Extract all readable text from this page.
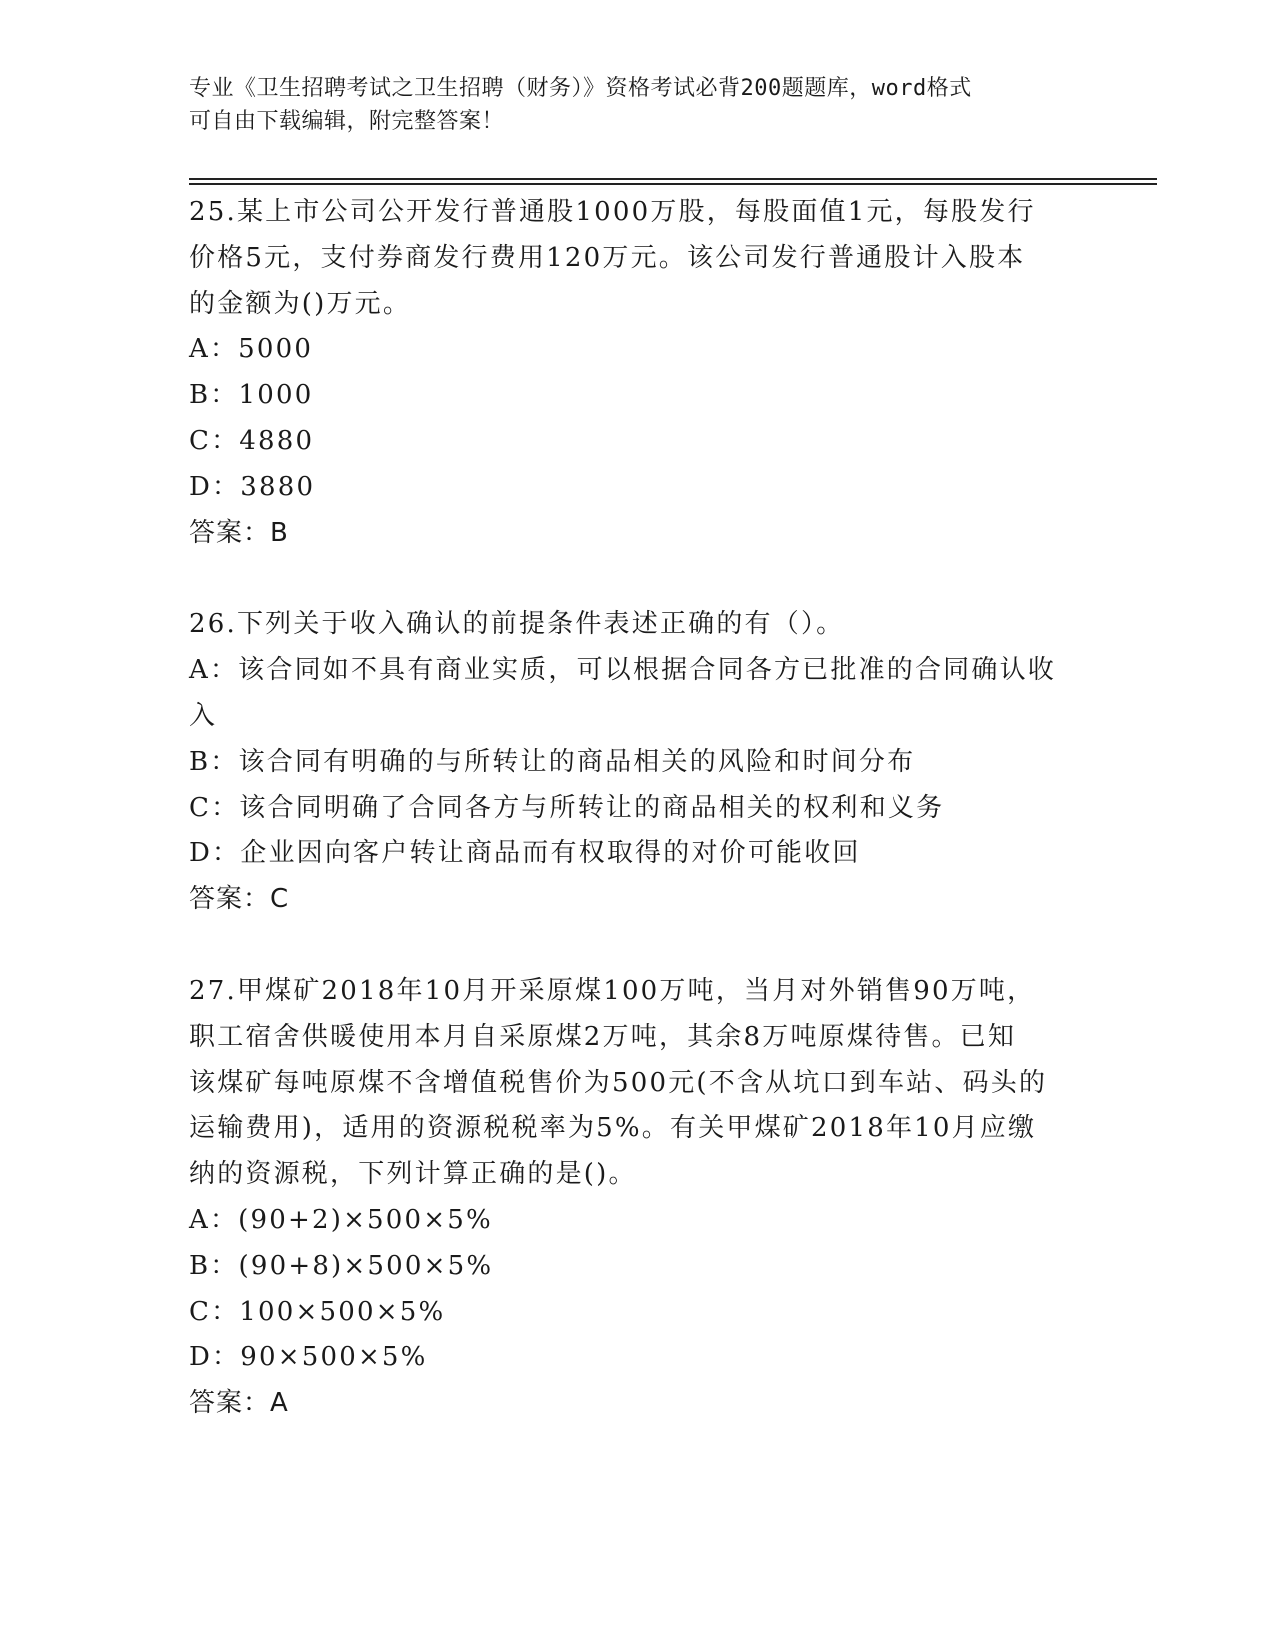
专业《卫生招聘考试之卫生招聘（财务）》资格考试必背200题题库，word格式
可自由下载编辑，附完整答案！
25.某上市公司公开发行普通股1000万股，每股面值1元，每股发行
价格5元，支付券商发行费用120万元。该公司发行普通股计入股本
的金额为()万元。
A：5000
B：1000
C：4880
D：3880
答案：B
26.下列关于收入确认的前提条件表述正确的有（）。
A：该合同如不具有商业实质，可以根据合同各方已批准的合同确认收
入
B：该合同有明确的与所转让的商品相关的风险和时间分布
C：该合同明确了合同各方与所转让的商品相关的权利和义务
D：企业因向客户转让商品而有权取得的对价可能收回
答案：C
27.甲煤矿2018年10月开采原煤100万吨，当月对外销售90万吨，
职工宿舍供暖使用本月自采原煤2万吨，其余8万吨原煤待售。已知
该煤矿每吨原煤不含增值税售价为500元(不含从坑口到车站、码头的
运输费用)，适用的资源税税率为5%。有关甲煤矿2018年10月应缴
纳的资源税，下列计算正确的是()。
A：(90+2)×500×5%
B：(90+8)×500×5%
C：100×500×5%
D：90×500×5%
答案：A
